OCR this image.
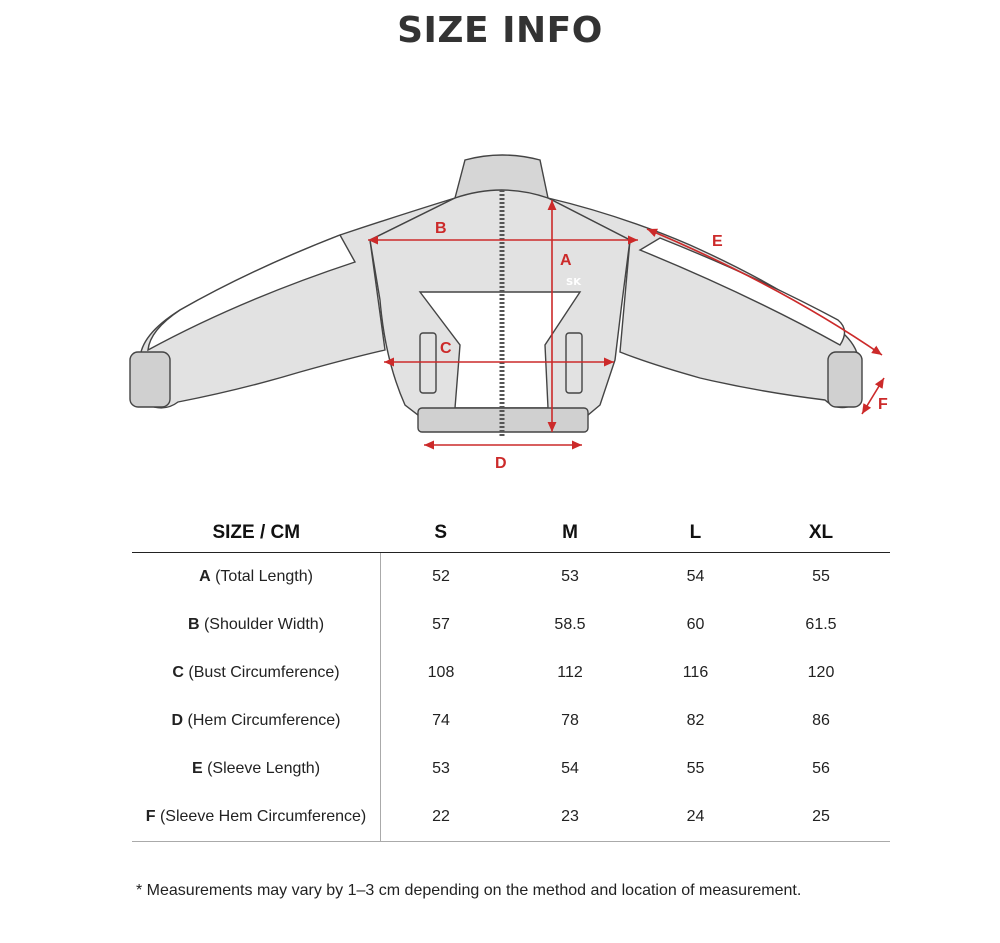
SIZE INFO
SK
A
B
C
D
E
F
SIZE / CM	S	M	L	XL
A (Total Length)	52	53	54	55
B (Shoulder Width)	57	58.5	60	61.5
C (Bust Circumference)	108	112	116	120
D (Hem Circumference)	74	78	82	86
E (Sleeve Length)	53	54	55	56
F (Sleeve Hem Circumference)	22	23	24	25
* Measurements may vary by 1–3 cm depending on the method and location of measurement.
